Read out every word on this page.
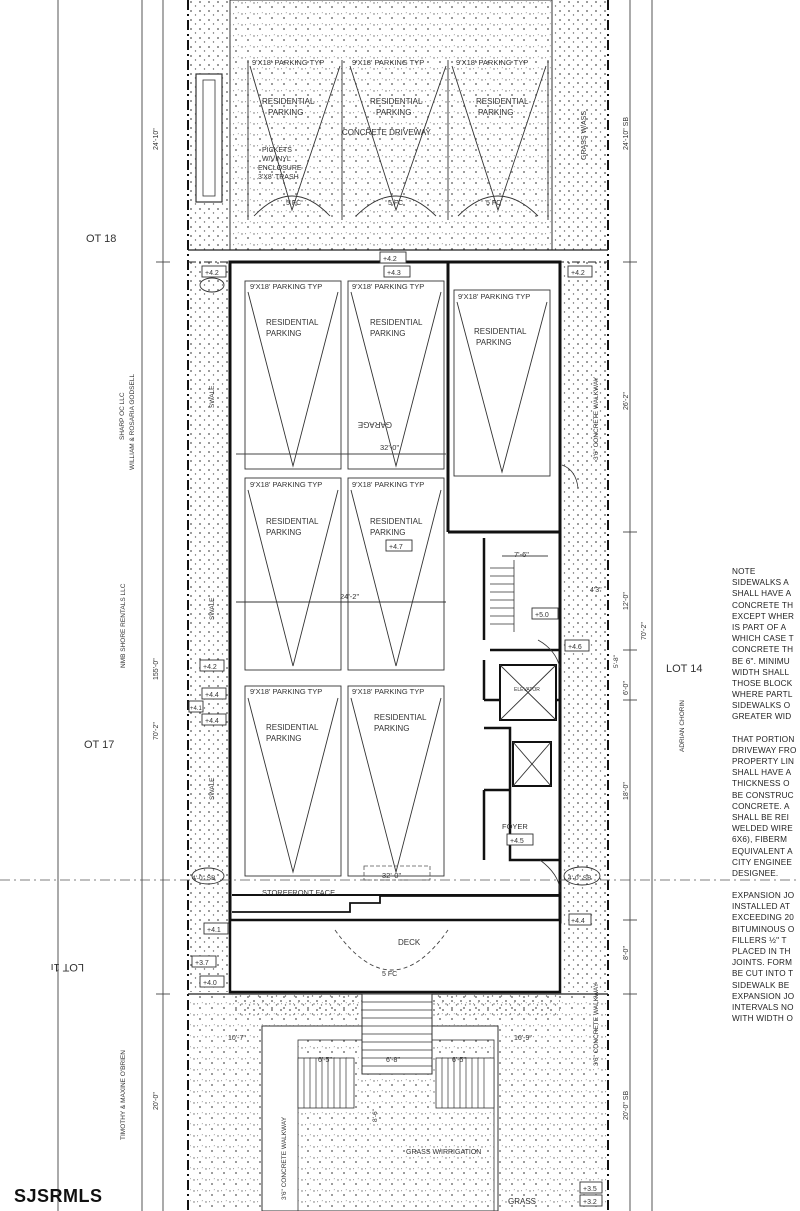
OT 18
OT 17
LOT 1ı
LOT 14
SHARP OC LLC WILLIAM & ROSARIA GODSELL
NMB SHORE RENTALS LLC
TIMOTHY & MAXINE O'BRIEN
ADRIAN CHORIN
24'-10"
155'-0"
70'-2"
20'-0"
24'-10" SB
26'-2"
12'-0"
6'-0"
70'-2"
18'-0"
8'-0"
20'-0" SB
32'-0"
24'-2"
32'-0"
7'-6"
4'-0" SB	4'-0" SB
6'-5"	6'-8"	6'-5"
10'-7"	16'-9"
8'-6"
5'-8"
4'3"
9'X18' PARKING TYP	9'X18' PARKING TYP	9'X18' PARKING TYP
RESIDENTIAL
PARKING
RESIDENTIAL
PARKING
RESIDENTIAL
PARKING
CONCRETE DRIVEWAY
PICKETS
W/VINYL
ENCLOSURE
3'X8' TRASH
5 FC	5 FC	5 FC
GRASS W/ASS
9'X18' PARKING TYP	9'X18' PARKING TYP
9'X18' PARKING TYP
RESIDENTIAL
PARKING
RESIDENTIAL
PARKING	RESIDENTIAL
PARKING
GARAGE
9'X18' PARKING TYP	9'X18' PARKING TYP
RESIDENTIAL
PARKING
RESIDENTIAL
PARKING
9'X18' PARKING TYP	9'X18' PARKING TYP
RESIDENTIAL
PARKING
RESIDENTIAL
PARKING
FOYER
ELEVATOR
STOREFRONT FACE
DECK
5 FC
GRASS W/IRRIGATION
GRASS
SWALE
SWALE
SWALE
3'6" CONCRETE WALKWAY
3'6" CONCRETE WALKWAY
3'6" CONCRETE WALKWAY
+4.2
+4.3
+4.2	+4.2
+4.7
+5.0
+4.6
+4.5
+4.4
+4.2
+4.1
+4.4
+4.1
+3.5
+3.2
+3.7
+4.4
+4.0
NOTE
SIDEWALKS A
SHALL HAVE A
CONCRETE TH
EXCEPT WHER
IS PART OF A
WHICH CASE T
CONCRETE TH
BE 6". MINIMU
WIDTH SHALL
THOSE BLOCK
WHERE PARTL
SIDEWALKS O
GREATER WID
THAT PORTION
DRIVEWAY FRO
PROPERTY LIN
SHALL HAVE A
THICKNESS O
BE CONSTRUC
CONCRETE. A
SHALL BE REI
WELDED WIRE
6X6), FIBERM
EQUIVALENT A
CITY ENGINEE
DESIGNEE.
EXPANSION JO
INSTALLED AT
EXCEEDING 20
BITUMINOUS O
FILLERS ½" T
PLACED IN TH
JOINTS. FORM
BE CUT INTO T
SIDEWALK BE
EXPANSION JO
INTERVALS NO
WITH WIDTH O
SJSRMLS
